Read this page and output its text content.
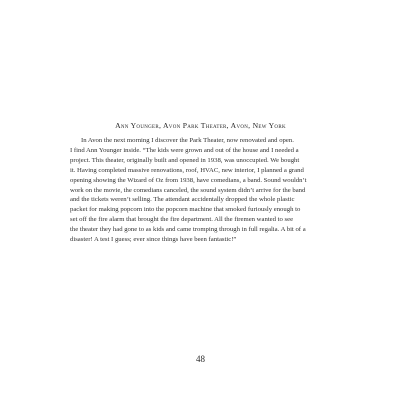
Ann Younger, Avon Park Theater, Avon, New York
In Avon the next morning I discover the Park Theater, now renovated and open.
I find Ann Younger inside. “The kids were grown and out of the house and I needed a
project. This theater, originally built and opened in 1938, was unoccupied. We bought
it. Having completed massive renovations, roof, HVAC, new interior, I planned a grand
opening showing the Wizard of Oz from 1938, have comedians, a band. Sound wouldn’t
work on the movie, the comedians canceled, the sound system didn’t arrive for the band
and the tickets weren’t selling. The attendant accidentally dropped the whole plastic
packet for making popcorn into the popcorn machine that smoked furiously enough to
set off the fire alarm that brought the fire department. All the firemen wanted to see
the theater they had gone to as kids and came tromping through in full regalia. A bit of a
disaster! A test I guess; ever since things have been fantastic!”
48
